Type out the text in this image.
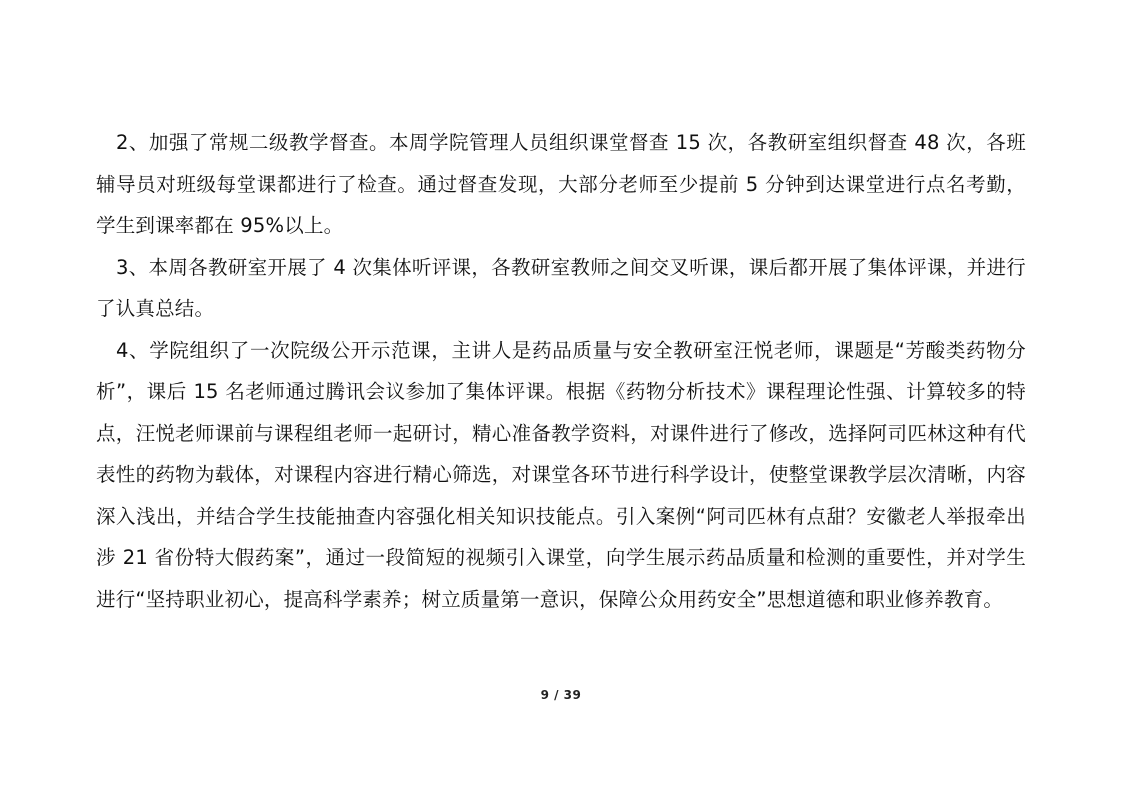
2、加强了常规二级教学督查。本周学院管理人员组织课堂督查 15 次，各教研室组织督查 48 次，各班辅导员对班级每堂课都进行了检查。通过督查发现，大部分老师至少提前 5 分钟到达课堂进行点名考勤，学生到课率都在 95%以上。

3、本周各教研室开展了 4 次集体听评课，各教研室教师之间交叉听课，课后都开展了集体评课，并进行了认真总结。

4、学院组织了一次院级公开示范课，主讲人是药品质量与安全教研室汪悦老师，课题是“芳酸类药物分析”，课后 15 名老师通过腾讯会议参加了集体评课。根据《药物分析技术》课程理论性强、计算较多的特点，汪悦老师课前与课程组老师一起研讨，精心准备教学资料，对课件进行了修改，选择阿司匹林这种有代表性的药物为载体，对课程内容进行精心筛选，对课堂各环节进行科学设计，使整堂课教学层次清晰，内容深入浅出，并结合学生技能抽查内容强化相关知识技能点。引入案例“阿司匹林有点甜？安徽老人举报牵出涉 21 省份特大假药案”，通过一段简短的视频引入课堂，向学生展示药品质量和检测的重要性，并对学生进行“坚持职业初心，提高科学素养；树立质量第一意识，保障公众用药安全”思想道德和职业修养教育。

9 / 39
